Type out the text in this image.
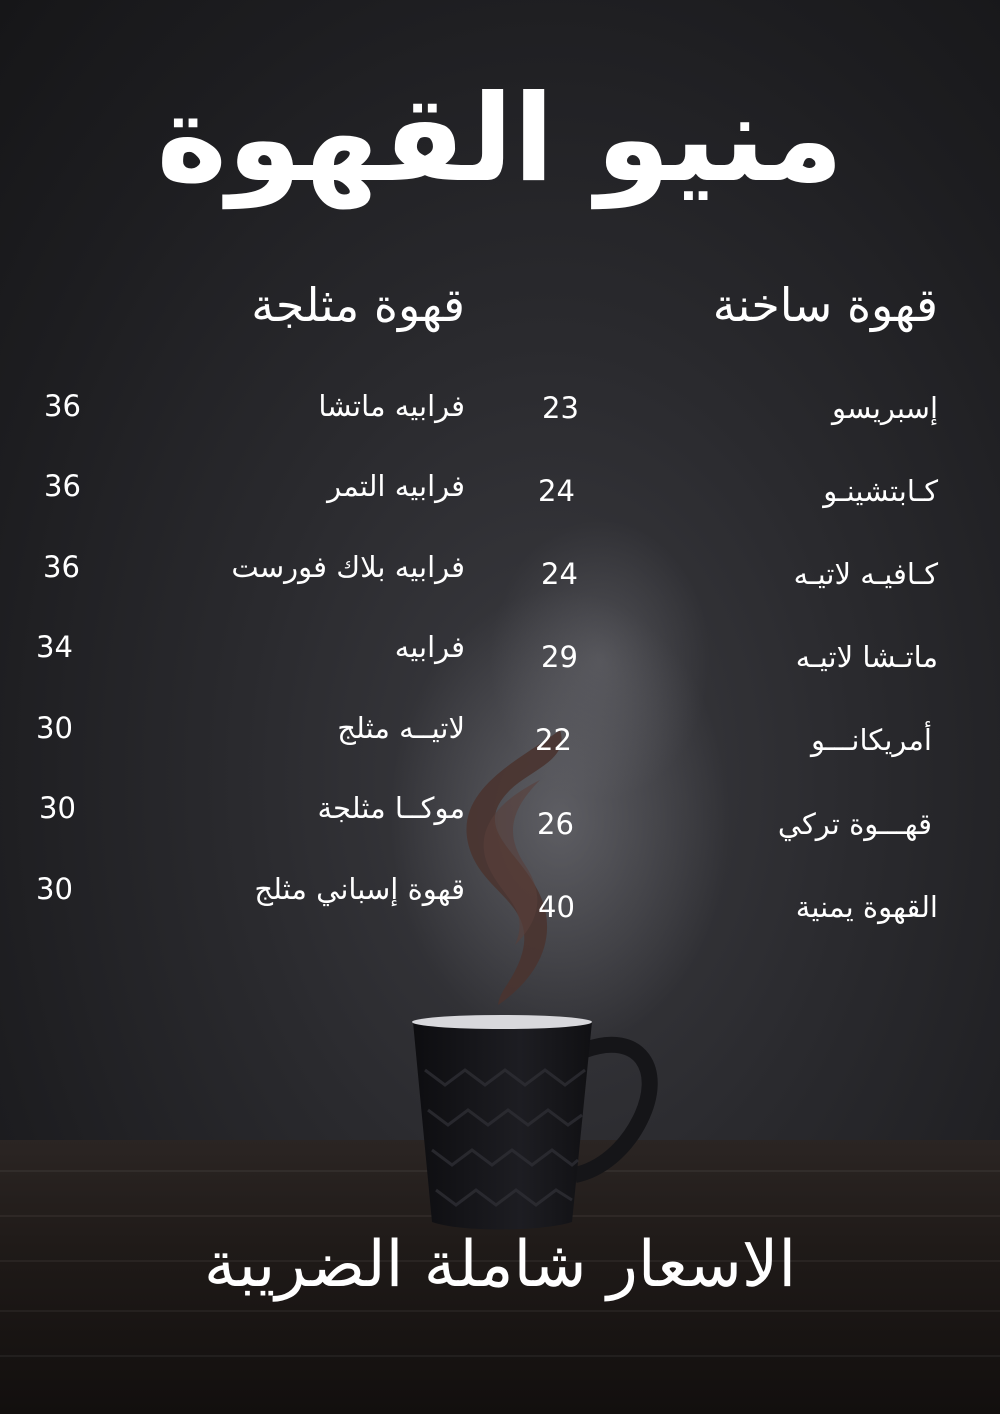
منيو القهوة
قهوة ساخنة
قهوة مثلجة
إسبريسو
23
كـابتشينـو
24
كـافيـه لاتيـه
24
ماتـشا لاتيـه
29
أمريكانـــو
22
قهـــوة تركي
26
القهوة يمنية
40
فرابيه ماتشا
36
فرابيه التمر
36
فرابيه بلاك فورست
36
فرابيه
34
لاتيــه مثلج
30
موكــا مثلجة
30
قهوة إسباني مثلج
30
الاسعار شاملة الضريبة
